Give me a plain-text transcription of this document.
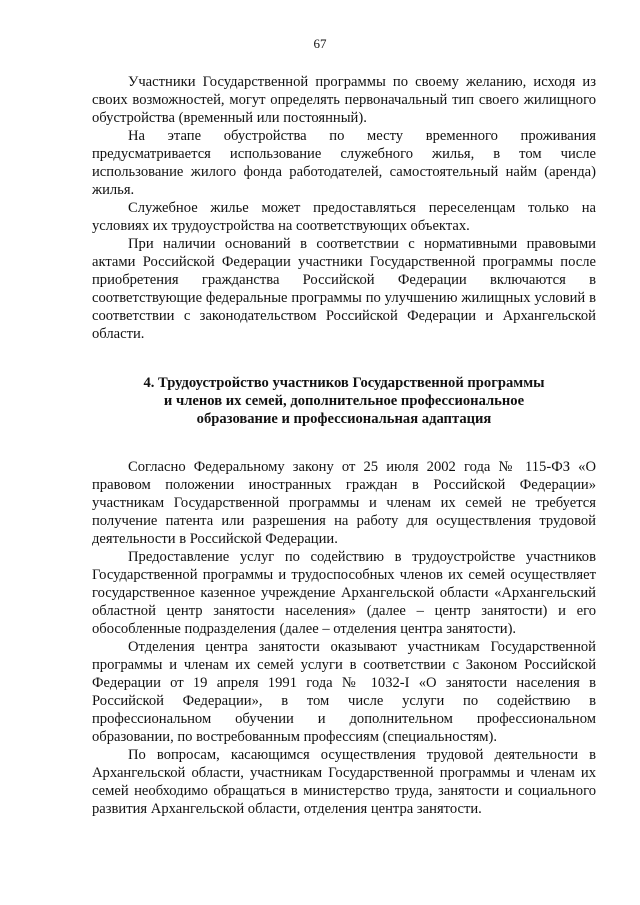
67

Участники Государственной программы по своему желанию, исходя из своих возможностей, могут определять первоначальный тип своего жилищного обустройства (временный или постоянный).

На этапе обустройства по месту временного проживания предусматривается использование служебного жилья, в том числе использование жилого фонда работодателей, самостоятельный найм (аренда) жилья.

Служебное жилье может предоставляться переселенцам только на условиях их трудоустройства на соответствующих объектах.

При наличии оснований в соответствии с нормативными правовыми актами Российской Федерации участники Государственной программы после приобретения гражданства Российской Федерации включаются в соответствующие федеральные программы по улучшению жилищных условий в соответствии с законодательством Российской Федерации и Архангельской области.

4. Трудоустройство участников Государственной программы
и членов их семей, дополнительное профессиональное
образование и профессиональная адаптация

Согласно Федеральному закону от 25 июля 2002 года № 115-ФЗ «О правовом положении иностранных граждан в Российской Федерации» участникам Государственной программы и членам их семей не требуется получение патента или разрешения на работу для осуществления трудовой деятельности в Российской Федерации.

Предоставление услуг по содействию в трудоустройстве участников Государственной программы и трудоспособных членов их семей осуществляет государственное казенное учреждение Архангельской области «Архангельский областной центр занятости населения» (далее – центр занятости) и его обособленные подразделения (далее – отделения центра занятости).

Отделения центра занятости оказывают участникам Государственной программы и членам их семей услуги в соответствии с Законом Российской Федерации от 19 апреля 1991 года № 1032-I «О занятости населения в Российской Федерации», в том числе услуги по содействию в профессиональном обучении и дополнительном профессиональном образовании, по востребованным профессиям (специальностям).

По вопросам, касающимся осуществления трудовой деятельности в Архангельской области, участникам Государственной программы и членам их семей необходимо обращаться в министерство труда, занятости и социального развития Архангельской области, отделения центра занятости.
